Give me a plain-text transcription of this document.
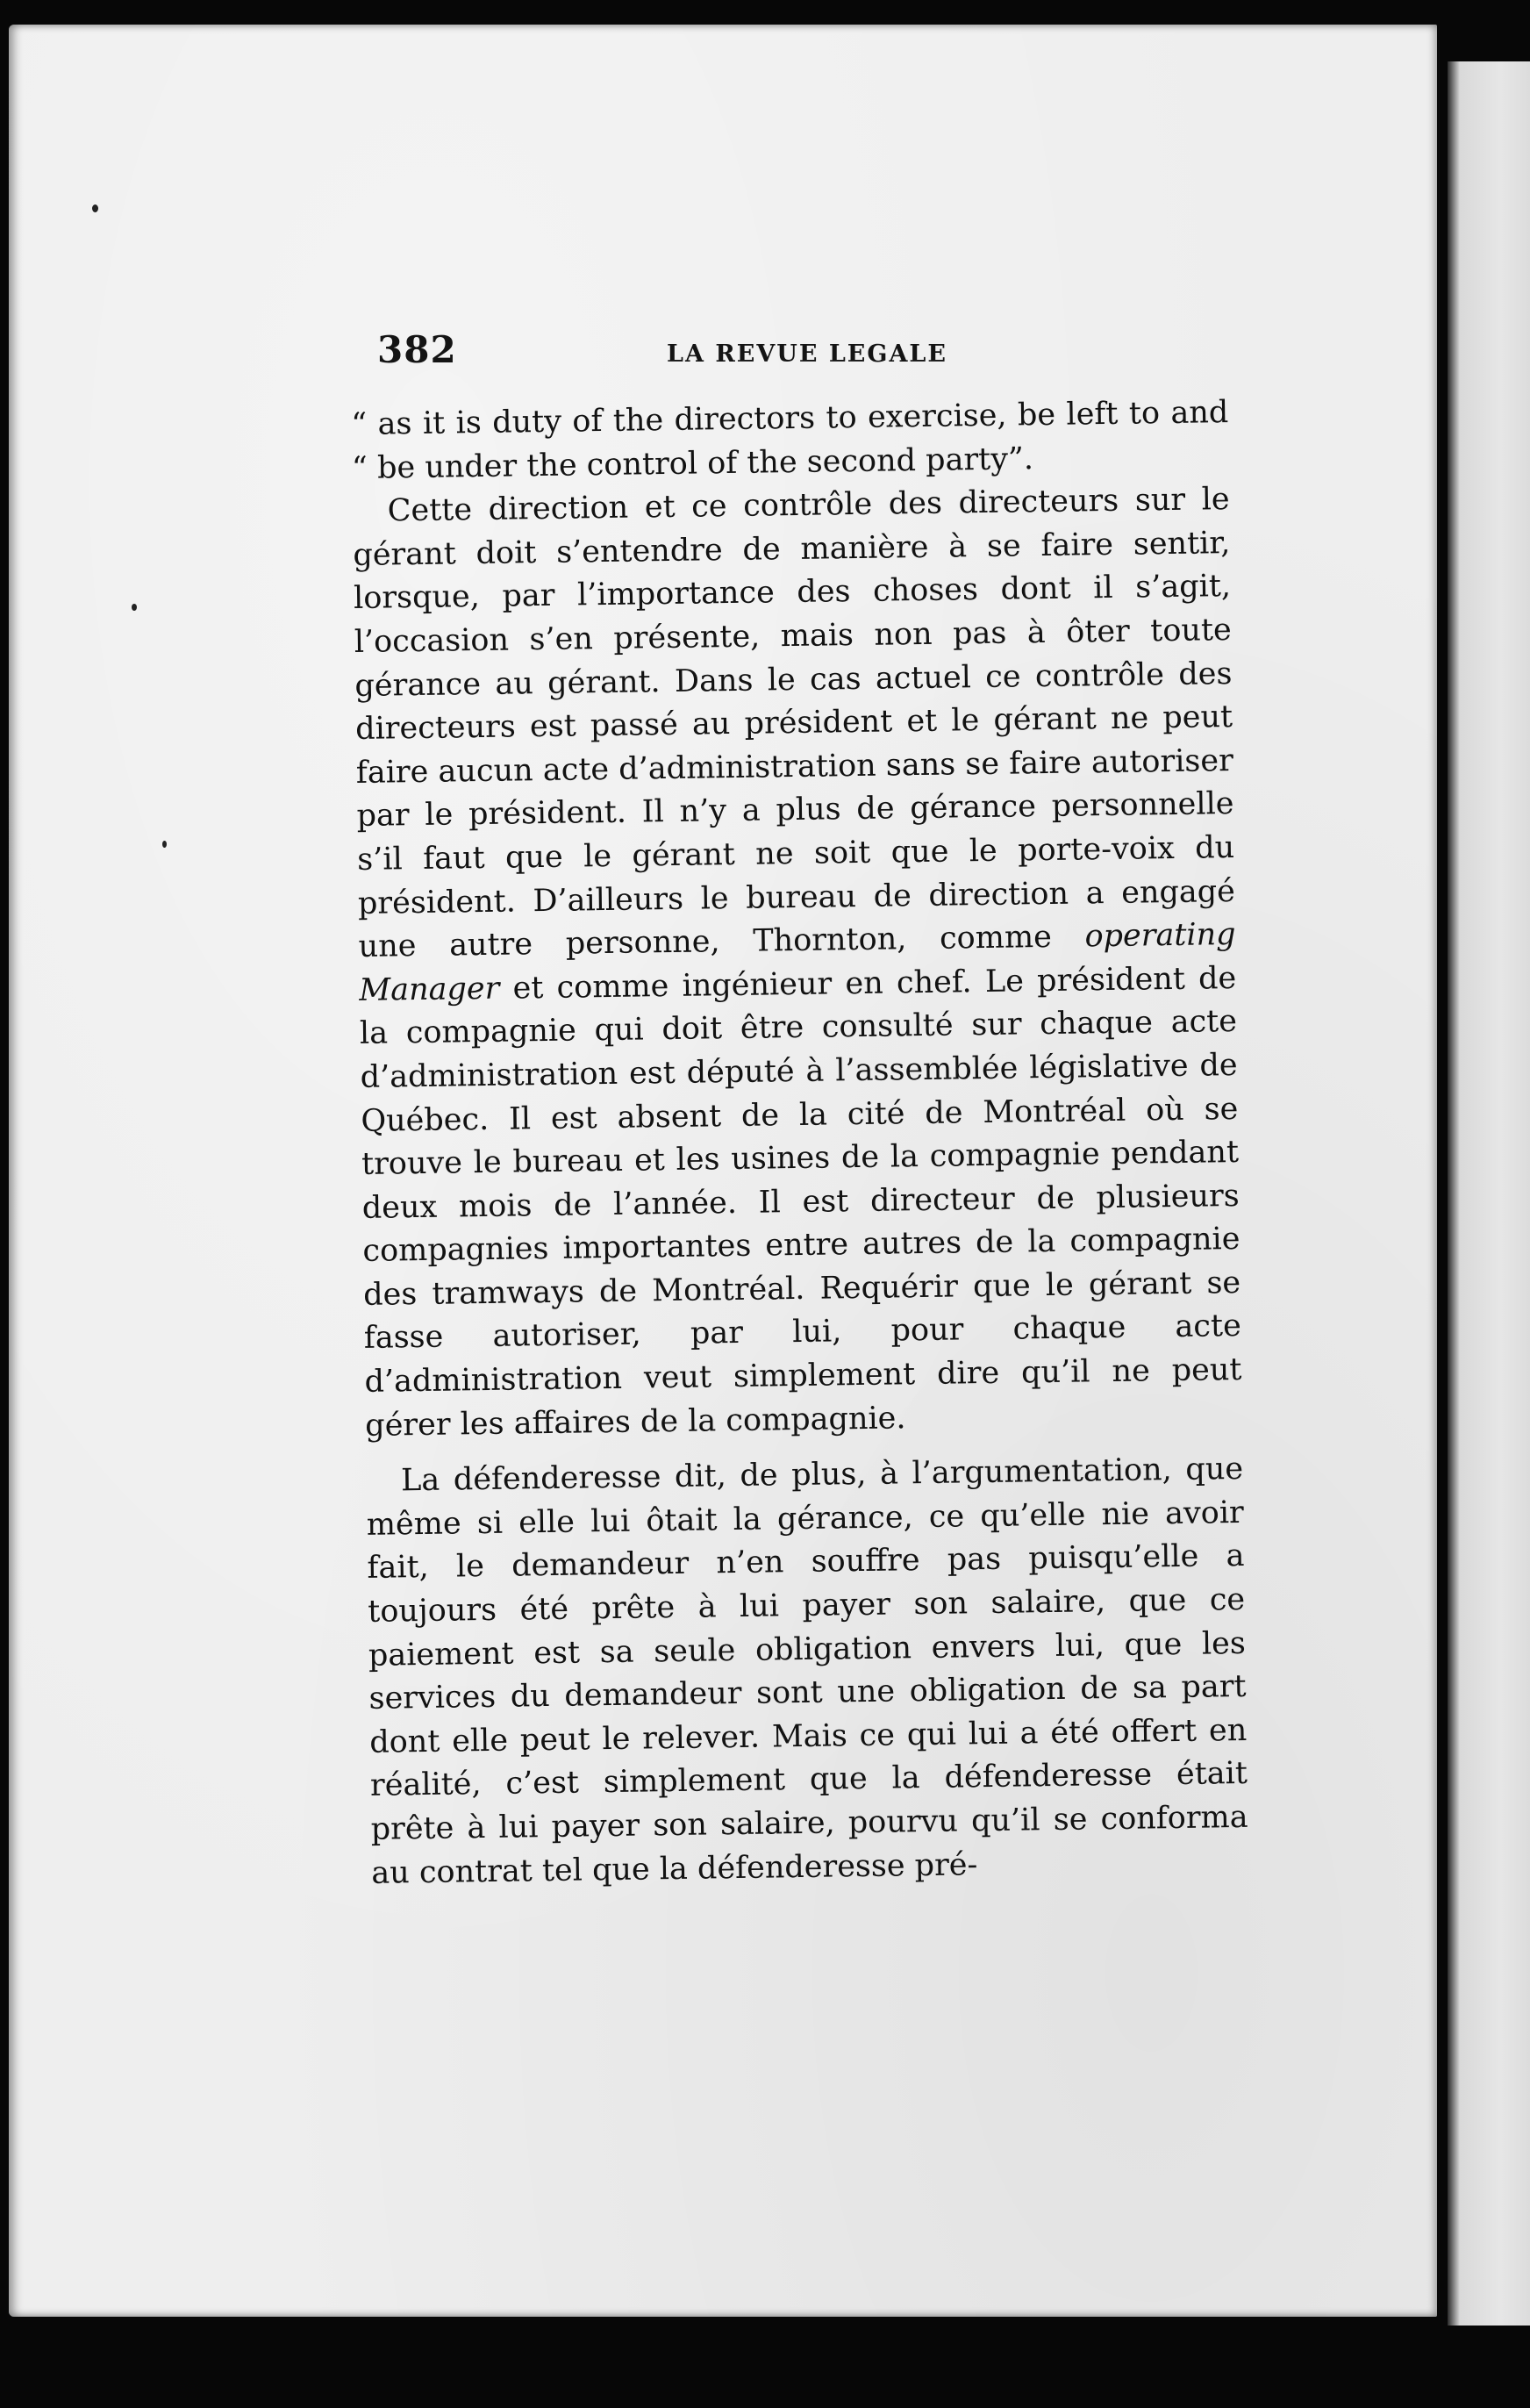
382	LA REVUE LEGALE

“ as it is duty of the directors to exercise, be left to and “ be under the control of the second party”.

Cette direction et ce contrôle des directeurs sur le gérant doit s’entendre de manière à se faire sentir, lorsque, par l’importance des choses dont il s’agit, l’occasion s’en présente, mais non pas à ôter toute gérance au gérant. Dans le cas actuel ce contrôle des directeurs est passé au président et le gérant ne peut faire aucun acte d’administration sans se faire autoriser par le président. Il n’y a plus de gérance personnelle s’il faut que le gérant ne soit que le porte-voix du président. D’ailleurs le bureau de direction a engagé une autre personne, Thornton, comme operating Manager et comme ingénieur en chef. Le président de la compagnie qui doit être consulté sur chaque acte d’administration est député à l’assemblée législative de Québec. Il est absent de la cité de Montréal où se trouve le bureau et les usines de la compagnie pendant deux mois de l’année. Il est directeur de plusieurs compagnies importantes entre autres de la compagnie des tramways de Montréal. Requérir que le gérant se fasse autoriser, par lui, pour chaque acte d’administration veut simplement dire qu’il ne peut gérer les affaires de la compagnie.

La défenderesse dit, de plus, à l’argumentation, que même si elle lui ôtait la gérance, ce qu’elle nie avoir fait, le demandeur n’en souffre pas puisqu’elle a toujours été prête à lui payer son salaire, que ce paiement est sa seule obligation envers lui, que les services du demandeur sont une obligation de sa part dont elle peut le relever. Mais ce qui lui a été offert en réalité, c’est simplement que la défenderesse était prête à lui payer son salaire, pourvu qu’il se conforma au contrat tel que la défenderesse pré-
